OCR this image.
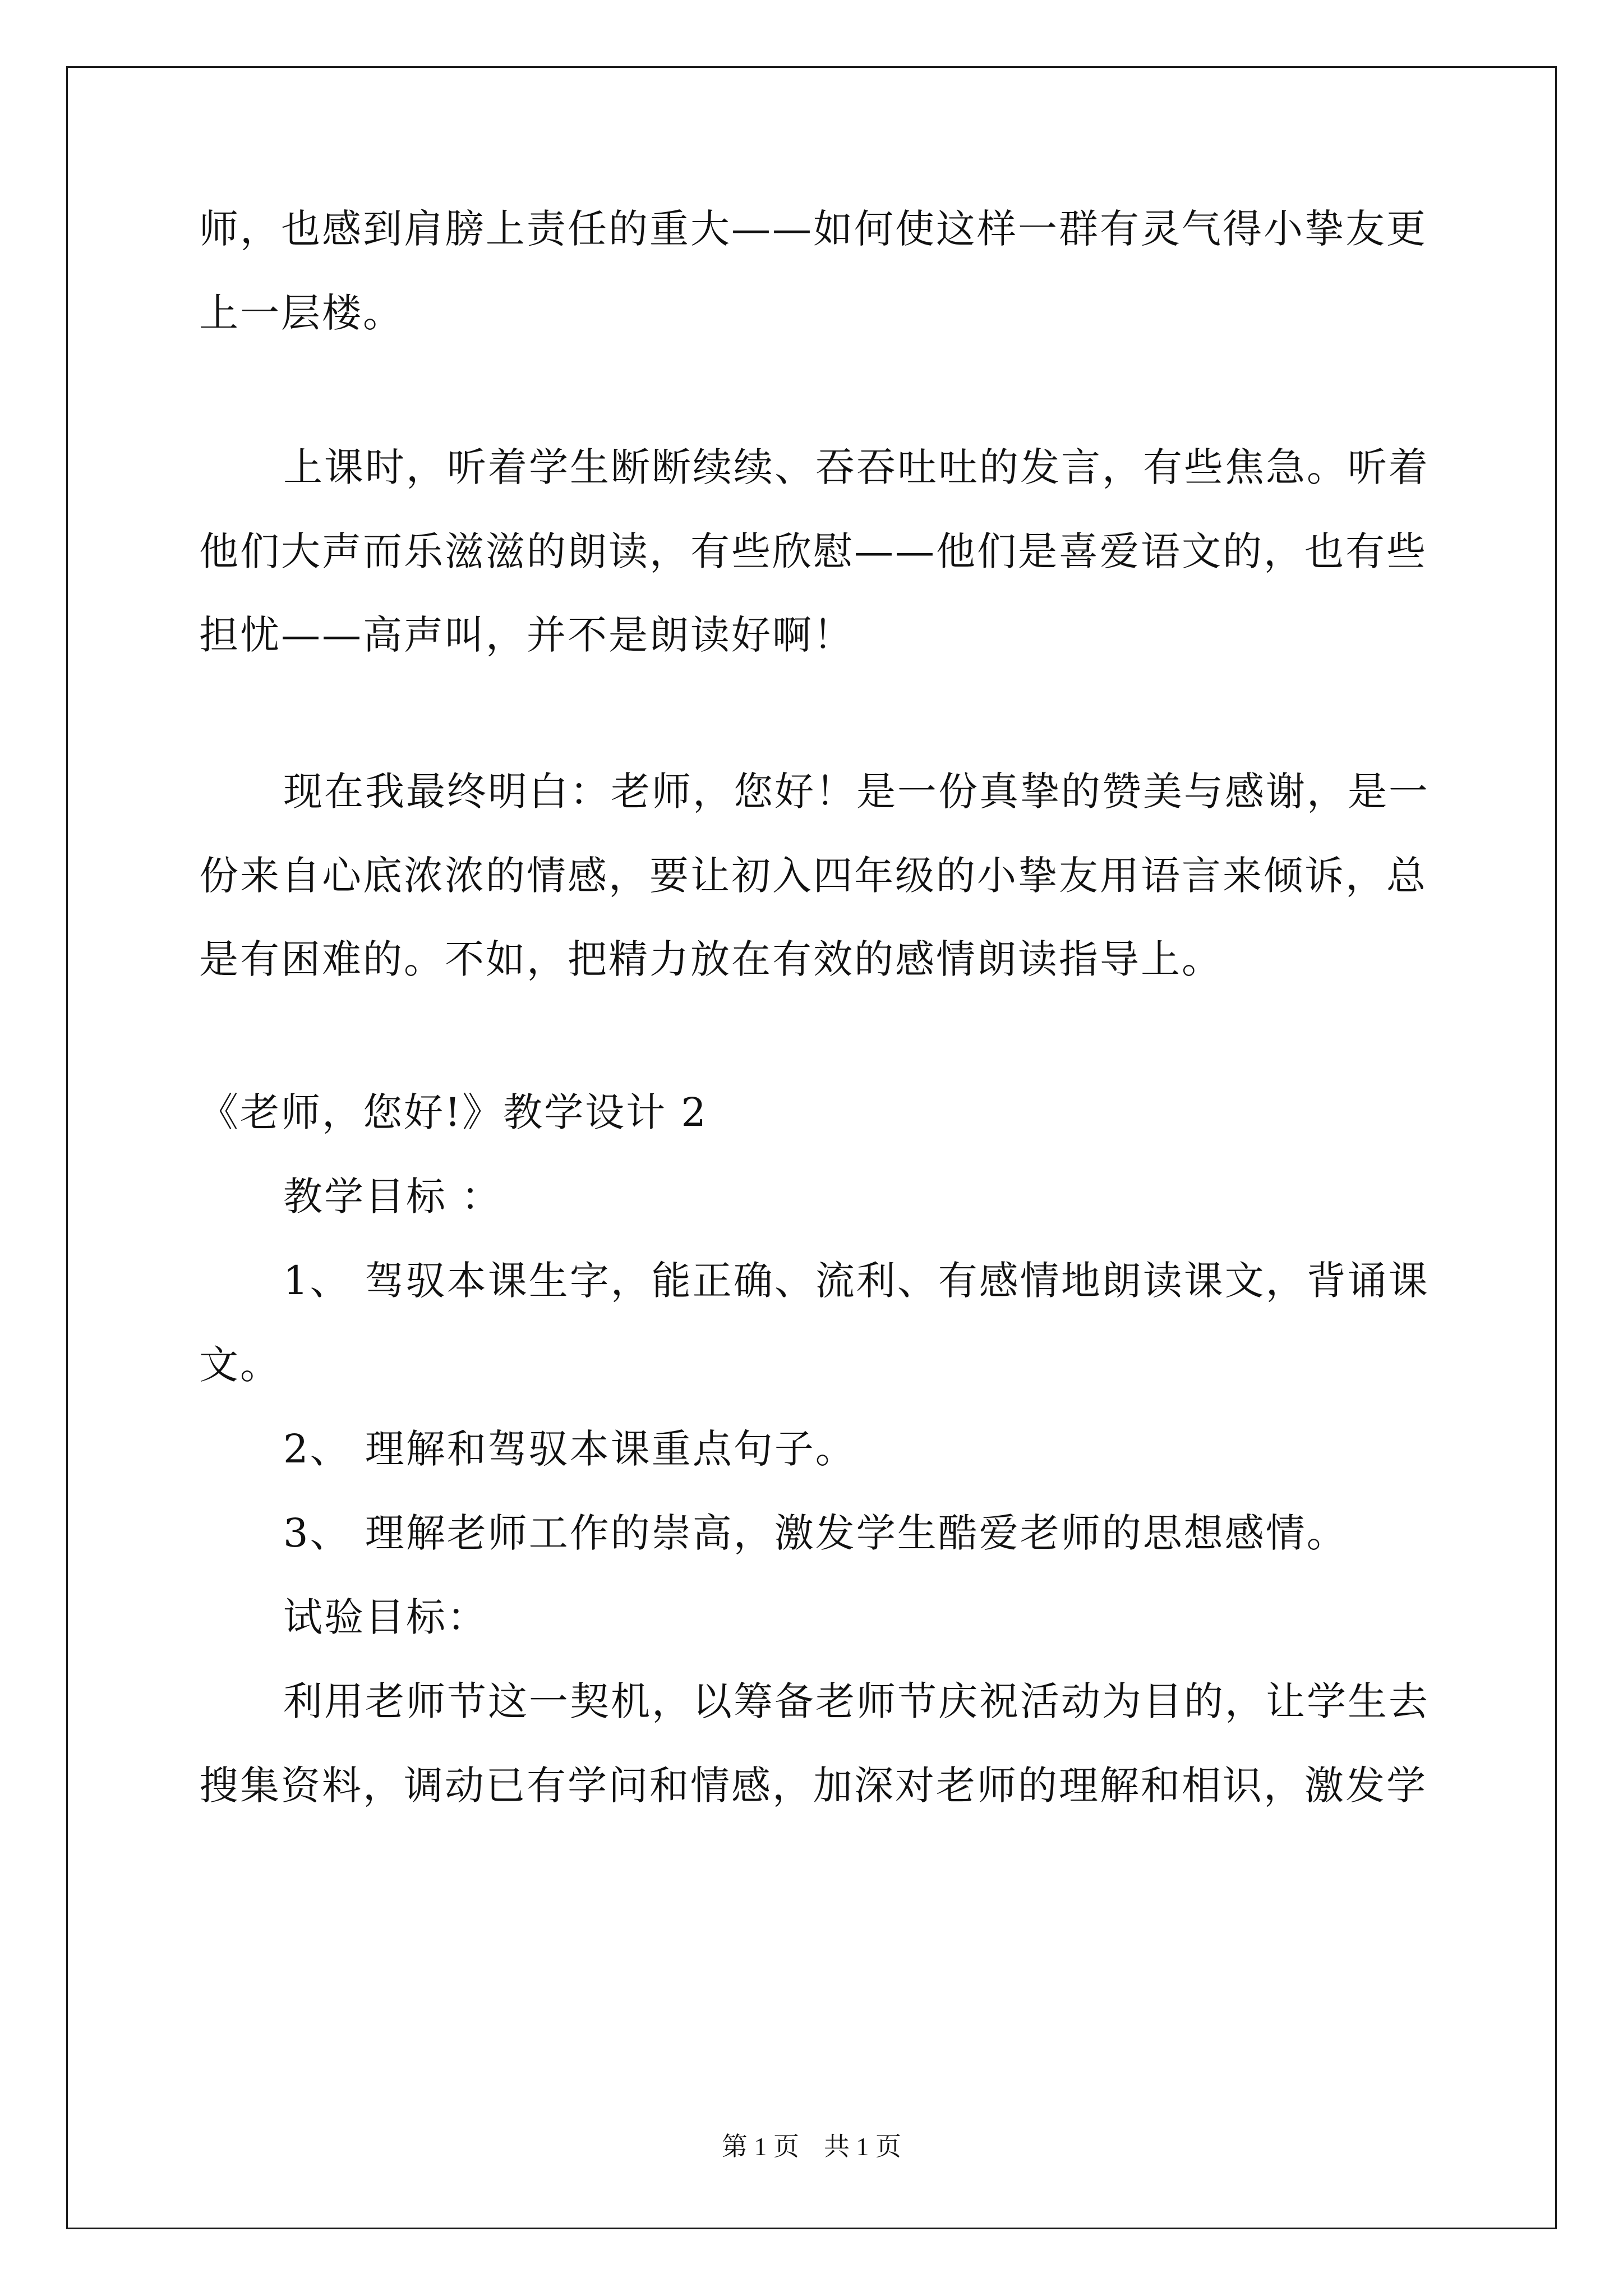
师，也感到肩膀上责任的重大——如何使这样一群有灵气得小挚友更

上一层楼。

上课时，听着学生断断续续、吞吞吐吐的发言，有些焦急。听着

他们大声而乐滋滋的朗读，有些欣慰——他们是喜爱语文的，也有些

担忧——高声叫，并不是朗读好啊！

现在我最终明白：老师，您好！是一份真挚的赞美与感谢，是一

份来自心底浓浓的情感，要让初入四年级的小挚友用语言来倾诉，总

是有困难的。不如，把精力放在有效的感情朗读指导上。

《老师，您好!》教学设计 2

教学目标 ：

1、 驾驭本课生字，能正确、流利、有感情地朗读课文，背诵课

文。

2、 理解和驾驭本课重点句子。

3、 理解老师工作的崇高，激发学生酷爱老师的思想感情。

试验目标：

利用老师节这一契机，以筹备老师节庆祝活动为目的，让学生去

搜集资料，调动已有学问和情感，加深对老师的理解和相识，激发学

第 1 页 共 1 页
